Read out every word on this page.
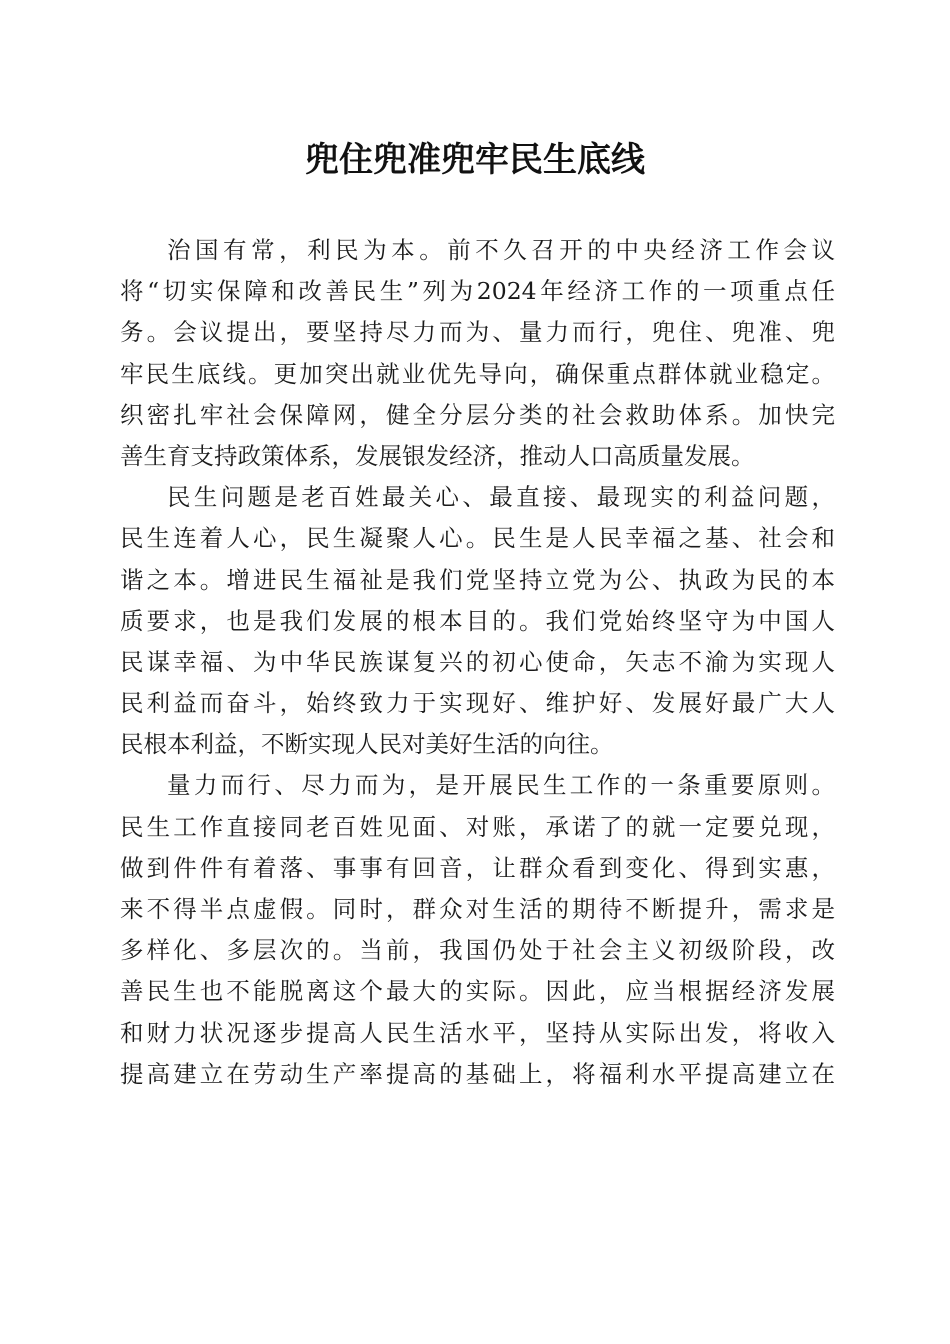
兜住兜准兜牢民生底线
治国有常，利民为本。前不久召开的中央经济工作会议
将“切实保障和改善民生”列为2024年经济工作的一项重点任
务。会议提出，要坚持尽力而为、量力而行，兜住、兜准、兜
牢民生底线。更加突出就业优先导向，确保重点群体就业稳定。
织密扎牢社会保障网，健全分层分类的社会救助体系。加快完
善生育支持政策体系，发展银发经济，推动人口高质量发展。
民生问题是老百姓最关心、最直接、最现实的利益问题，
民生连着人心，民生凝聚人心。民生是人民幸福之基、社会和
谐之本。增进民生福祉是我们党坚持立党为公、执政为民的本
质要求，也是我们发展的根本目的。我们党始终坚守为中国人
民谋幸福、为中华民族谋复兴的初心使命，矢志不渝为实现人
民利益而奋斗，始终致力于实现好、维护好、发展好最广大人
民根本利益，不断实现人民对美好生活的向往。
量力而行、尽力而为，是开展民生工作的一条重要原则。
民生工作直接同老百姓见面、对账，承诺了的就一定要兑现，
做到件件有着落、事事有回音，让群众看到变化、得到实惠，
来不得半点虚假。同时，群众对生活的期待不断提升，需求是
多样化、多层次的。当前，我国仍处于社会主义初级阶段，改
善民生也不能脱离这个最大的实际。因此，应当根据经济发展
和财力状况逐步提高人民生活水平，坚持从实际出发，将收入
提高建立在劳动生产率提高的基础上，将福利水平提高建立在
